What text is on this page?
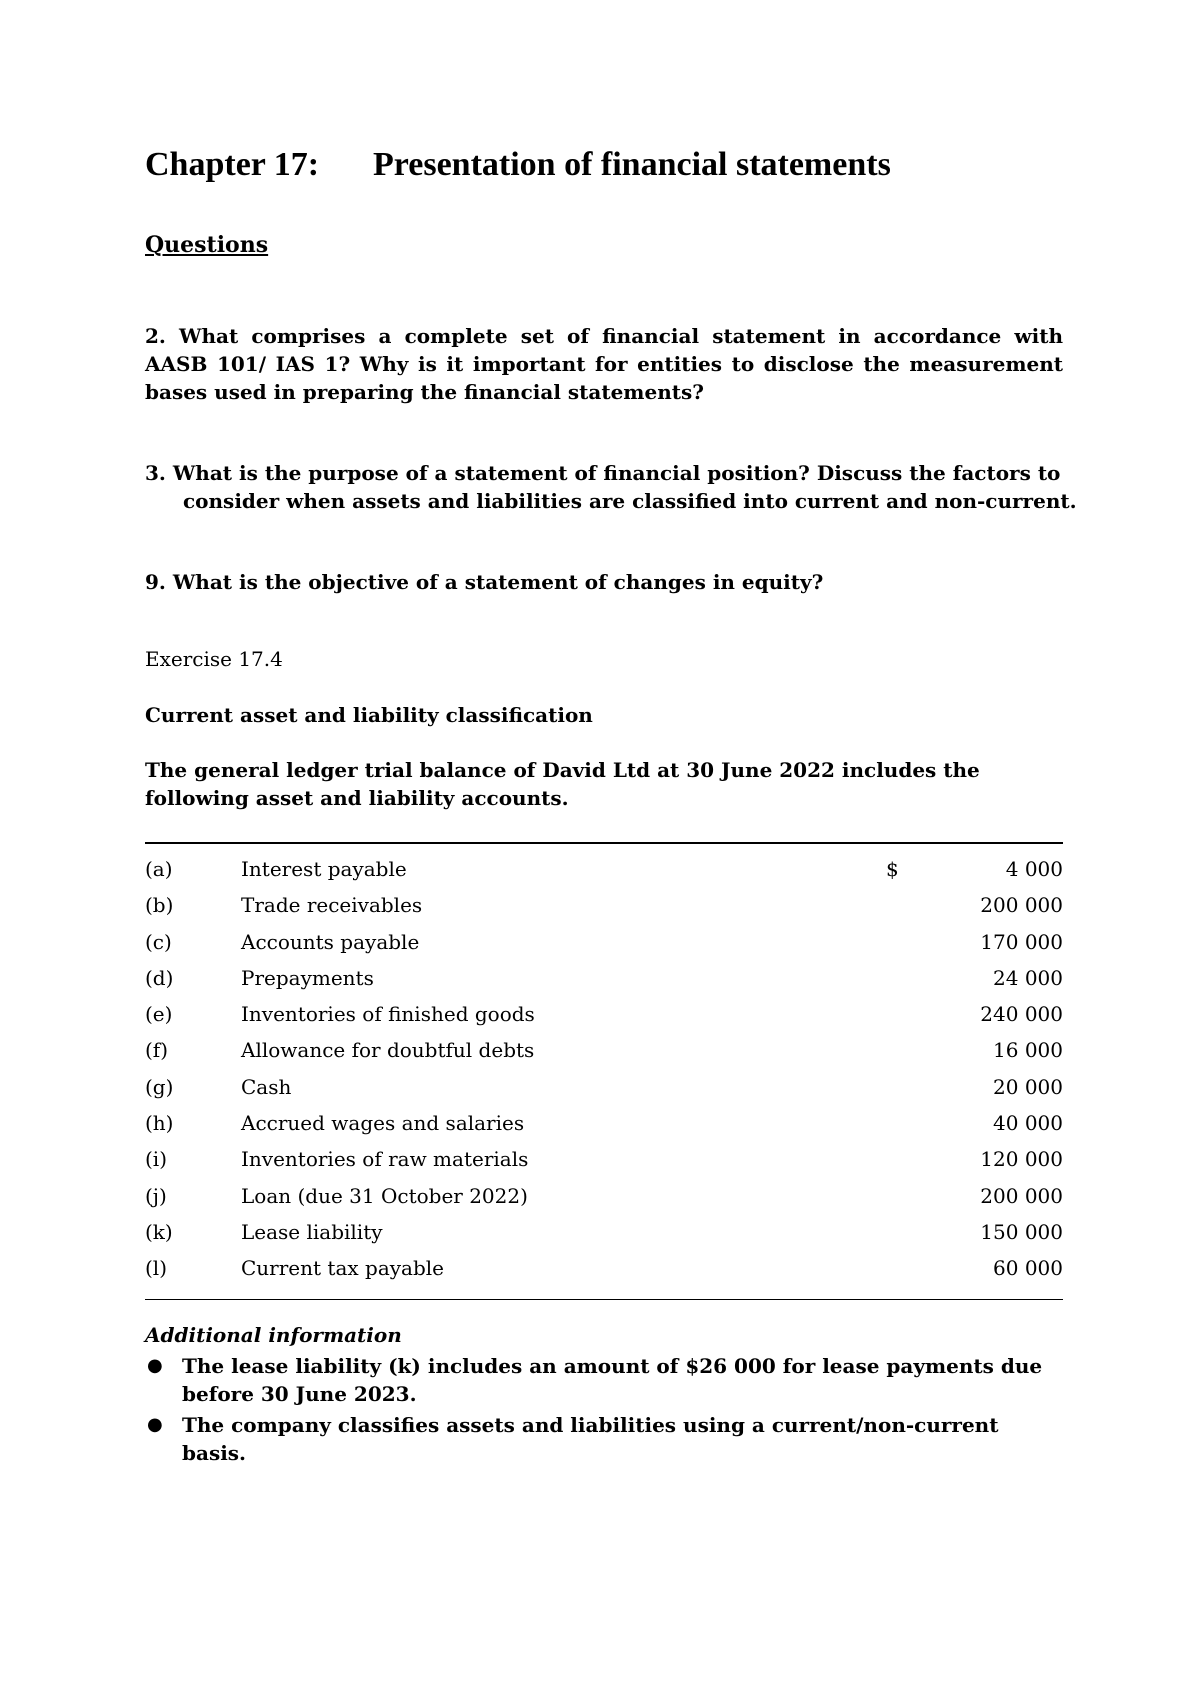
Chapter 17: Presentation of financial statements
Questions
2. What comprises a complete set of financial statement in accordance with AASB 101/ IAS 1? Why is it important for entities to disclose the measurement bases used in preparing the financial statements?
3. What is the purpose of a statement of financial position? Discuss the factors to consider when assets and liabilities are classified into current and non-current.
9. What is the objective of a statement of changes in equity?
Exercise 17.4
Current asset and liability classification
The general ledger trial balance of David Ltd at 30 June 2022 includes the following asset and liability accounts.
(a)	Interest payable	$	4 000
(b)	Trade receivables	200 000
(c)	Accounts payable	170 000
(d)	Prepayments	24 000
(e)	Inventories of finished goods	240 000
(f)	Allowance for doubtful debts	16 000
(g)	Cash	20 000
(h)	Accrued wages and salaries	40 000
(i)	Inventories of raw materials	120 000
(j)	Loan (due 31 October 2022)	200 000
(k)	Lease liability	150 000
(l)	Current tax payable	60 000
Additional information
● The lease liability (k) includes an amount of $26 000 for lease payments due before 30 June 2023.
● The company classifies assets and liabilities using a current/non-current basis.
